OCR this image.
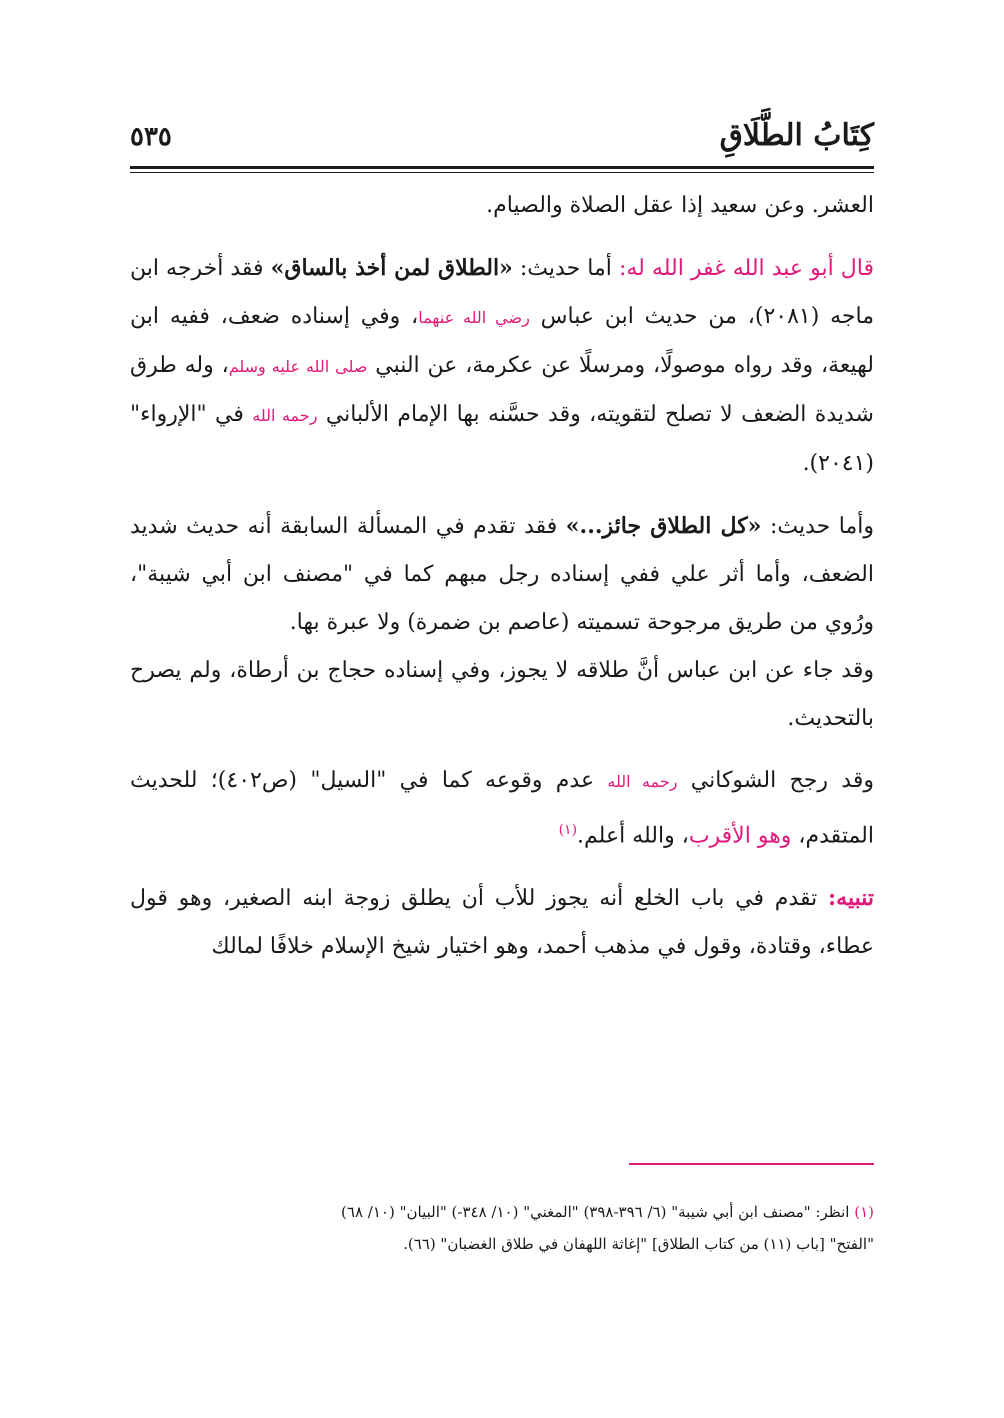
كِتَابُ الطَّلَاقِ
٥٣٥

العشر. وعن سعيد إذا عقل الصلاة والصيام.

قال أبو عبد الله غفر الله له: أما حديث: «الطلاق لمن أخذ بالساق» فقد أخرجه ابن ماجه (٢٠٨١)، من حديث ابن عباس رضي الله عنهما، وفي إسناده ضعف، ففيه ابن لهيعة، وقد رواه موصولًا، ومرسلًا عن عكرمة، عن النبي صلى الله عليه وسلم، وله طرق شديدة الضعف لا تصلح لتقويته، وقد حسَّنه بها الإمام الألباني رحمه الله في "الإرواء" (٢٠٤١).

وأما حديث: «كل الطلاق جائز...» فقد تقدم في المسألة السابقة أنه حديث شديد الضعف، وأما أثر علي ففي إسناده رجل مبهم كما في "مصنف ابن أبي شيبة"، ورُوي من طريق مرجوحة تسميته (عاصم بن ضمرة) ولا عبرة بها.

وقد جاء عن ابن عباس أنَّ طلاقه لا يجوز، وفي إسناده حجاج بن أرطاة، ولم يصرح بالتحديث.

وقد رجح الشوكاني رحمه الله عدم وقوعه كما في "السيل" (ص٤٠٢)؛ للحديث المتقدم، وهو الأقرب، والله أعلم.$^{(١)}$

تنبيه: تقدم في باب الخلع أنه يجوز للأب أن يطلق زوجة ابنه الصغير، وهو قول عطاء، وقتادة، وقول في مذهب أحمد، وهو اختيار شيخ الإسلام خلافًا لمالك

(١) انظر: "مصنف ابن أبي شيبة" (٦/ ٣٩٦-٣٩٨) "المغني" (١٠/ ٣٤٨-) "البيان" (١٠/ ٦٨)

"الفتح" [باب (١١) من كتاب الطلاق] "إغاثة اللهفان في طلاق الغضبان" (٦٦).
